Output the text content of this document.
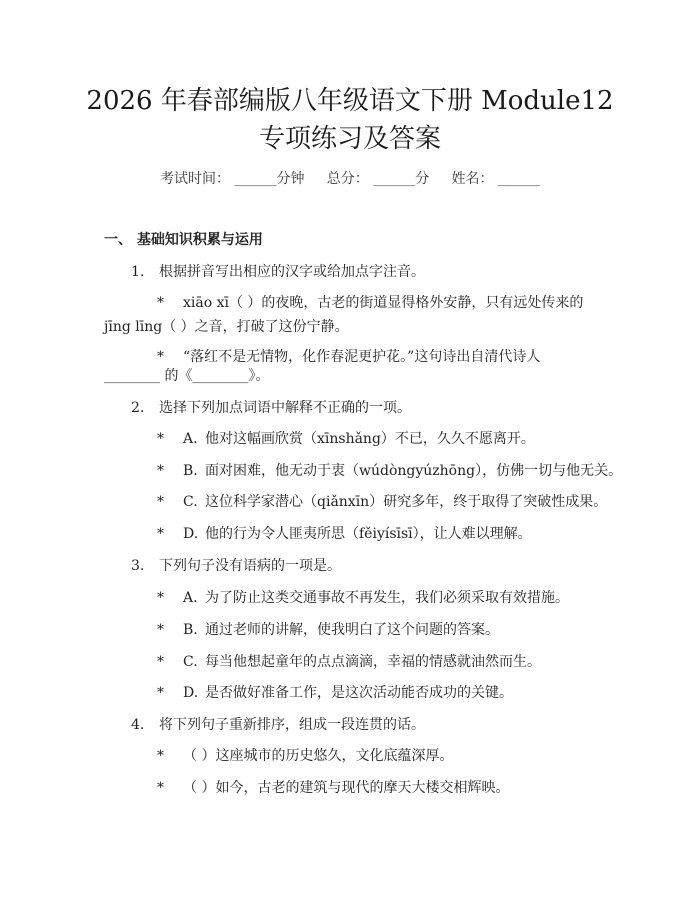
2026 年春部编版八年级语文下册 Module12
专项练习及答案
考试时间： ______分钟     总分： ______分     姓名： ______
一、 基础知识积累与运用
1. 根据拼音写出相应的汉字或给加点字注音。
* xiāo xī（ ）的夜晚，古老的街道显得格外安静，只有远处传来的
jīng līng（ ）之音，打破了这份宁静。
* “落红不是无情物，化作春泥更护花。”这句诗出自清代诗人
________ 的《________》。
2. 选择下列加点词语中解释不正确的一项。
* A. 他对这幅画欣赏（xīnshǎng）不已，久久不愿离开。
* B. 面对困难，他无动于衷（wúdòngyúzhōng），仿佛一切与他无关。
* C. 这位科学家潜心（qiǎnxīn）研究多年，终于取得了突破性成果。
* D. 他的行为令人匪夷所思（fěiyísīsī），让人难以理解。
3. 下列句子没有语病的一项是。
* A. 为了防止这类交通事故不再发生，我们必须采取有效措施。
* B. 通过老师的讲解，使我明白了这个问题的答案。
* C. 每当他想起童年的点点滴滴，幸福的情感就油然而生。
* D. 是否做好准备工作，是这次活动能否成功的关键。
4. 将下列句子重新排序，组成一段连贯的话。
* （ ）这座城市的历史悠久，文化底蕴深厚。
* （ ）如今，古老的建筑与现代的摩天大楼交相辉映。
